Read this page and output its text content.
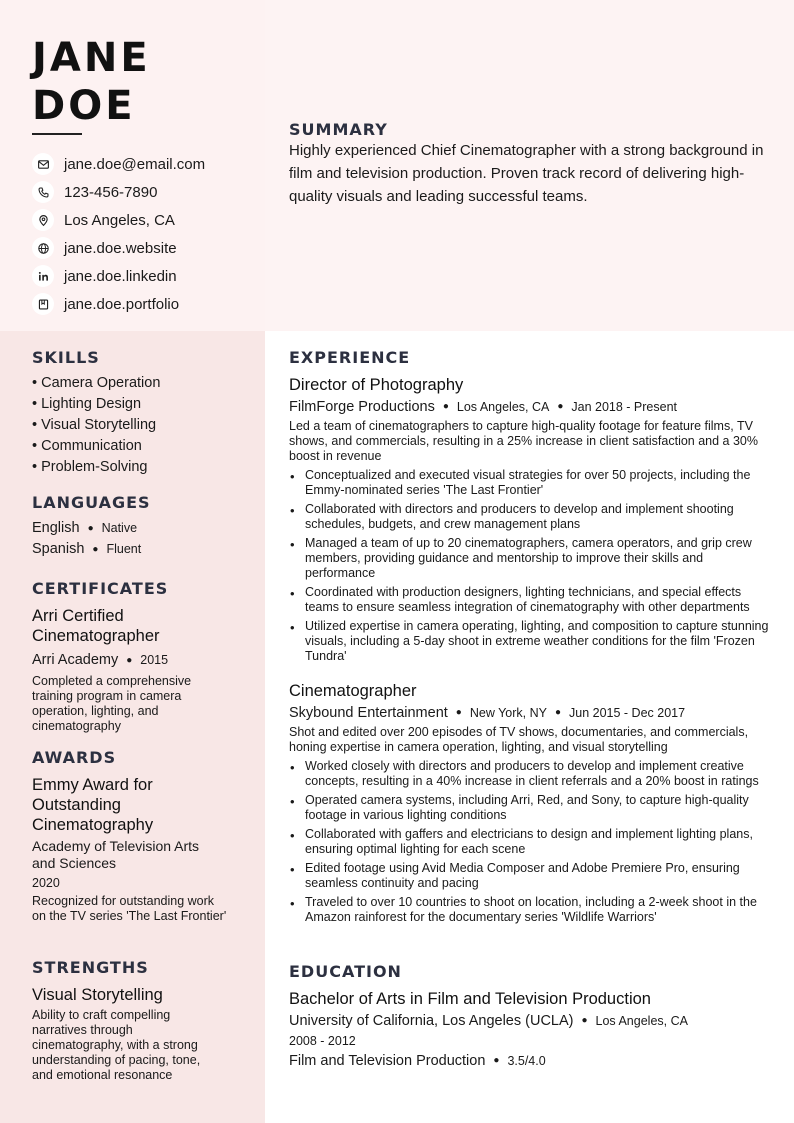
JANE
DOE
jane.doe@email.com
123-456-7890
Los Angeles, CA
jane.doe.website
jane.doe.linkedin
jane.doe.portfolio
SUMMARY
Highly experienced Chief Cinematographer with a strong background in film and television production. Proven track record of delivering high-quality visuals and leading successful teams.
SKILLS
• Camera Operation
• Lighting Design
• Visual Storytelling
• Communication
• Problem-Solving
LANGUAGES
English ● Native
Spanish ● Fluent
CERTIFICATES
Arri Certified Cinematographer
Arri Academy ● 2015
Completed a comprehensive training program in camera operation, lighting, and cinematography
AWARDS
Emmy Award for Outstanding Cinematography
Academy of Television Arts and Sciences
2020
Recognized for outstanding work on the TV series 'The Last Frontier'
STRENGTHS
Visual Storytelling
Ability to craft compelling narratives through cinematography, with a strong understanding of pacing, tone, and emotional resonance
EXPERIENCE
Director of Photography
FilmForge Productions ● Los Angeles, CA ● Jan 2018 - Present
Led a team of cinematographers to capture high-quality footage for feature films, TV shows, and commercials, resulting in a 25% increase in client satisfaction and a 30% boost in revenue
• Conceptualized and executed visual strategies for over 50 projects, including the Emmy-nominated series 'The Last Frontier'
• Collaborated with directors and producers to develop and implement shooting schedules, budgets, and crew management plans
• Managed a team of up to 20 cinematographers, camera operators, and grip crew members, providing guidance and mentorship to improve their skills and performance
• Coordinated with production designers, lighting technicians, and special effects teams to ensure seamless integration of cinematography with other departments
• Utilized expertise in camera operating, lighting, and composition to capture stunning visuals, including a 5-day shoot in extreme weather conditions for the film 'Frozen Tundra'
Cinematographer
Skybound Entertainment ● New York, NY ● Jun 2015 - Dec 2017
Shot and edited over 200 episodes of TV shows, documentaries, and commercials, honing expertise in camera operation, lighting, and visual storytelling
• Worked closely with directors and producers to develop and implement creative concepts, resulting in a 40% increase in client referrals and a 20% boost in ratings
• Operated camera systems, including Arri, Red, and Sony, to capture high-quality footage in various lighting conditions
• Collaborated with gaffers and electricians to design and implement lighting plans, ensuring optimal lighting for each scene
• Edited footage using Avid Media Composer and Adobe Premiere Pro, ensuring seamless continuity and pacing
• Traveled to over 10 countries to shoot on location, including a 2-week shoot in the Amazon rainforest for the documentary series 'Wildlife Warriors'
EDUCATION
Bachelor of Arts in Film and Television Production
University of California, Los Angeles (UCLA) ● Los Angeles, CA
2008 - 2012
Film and Television Production ● 3.5/4.0
